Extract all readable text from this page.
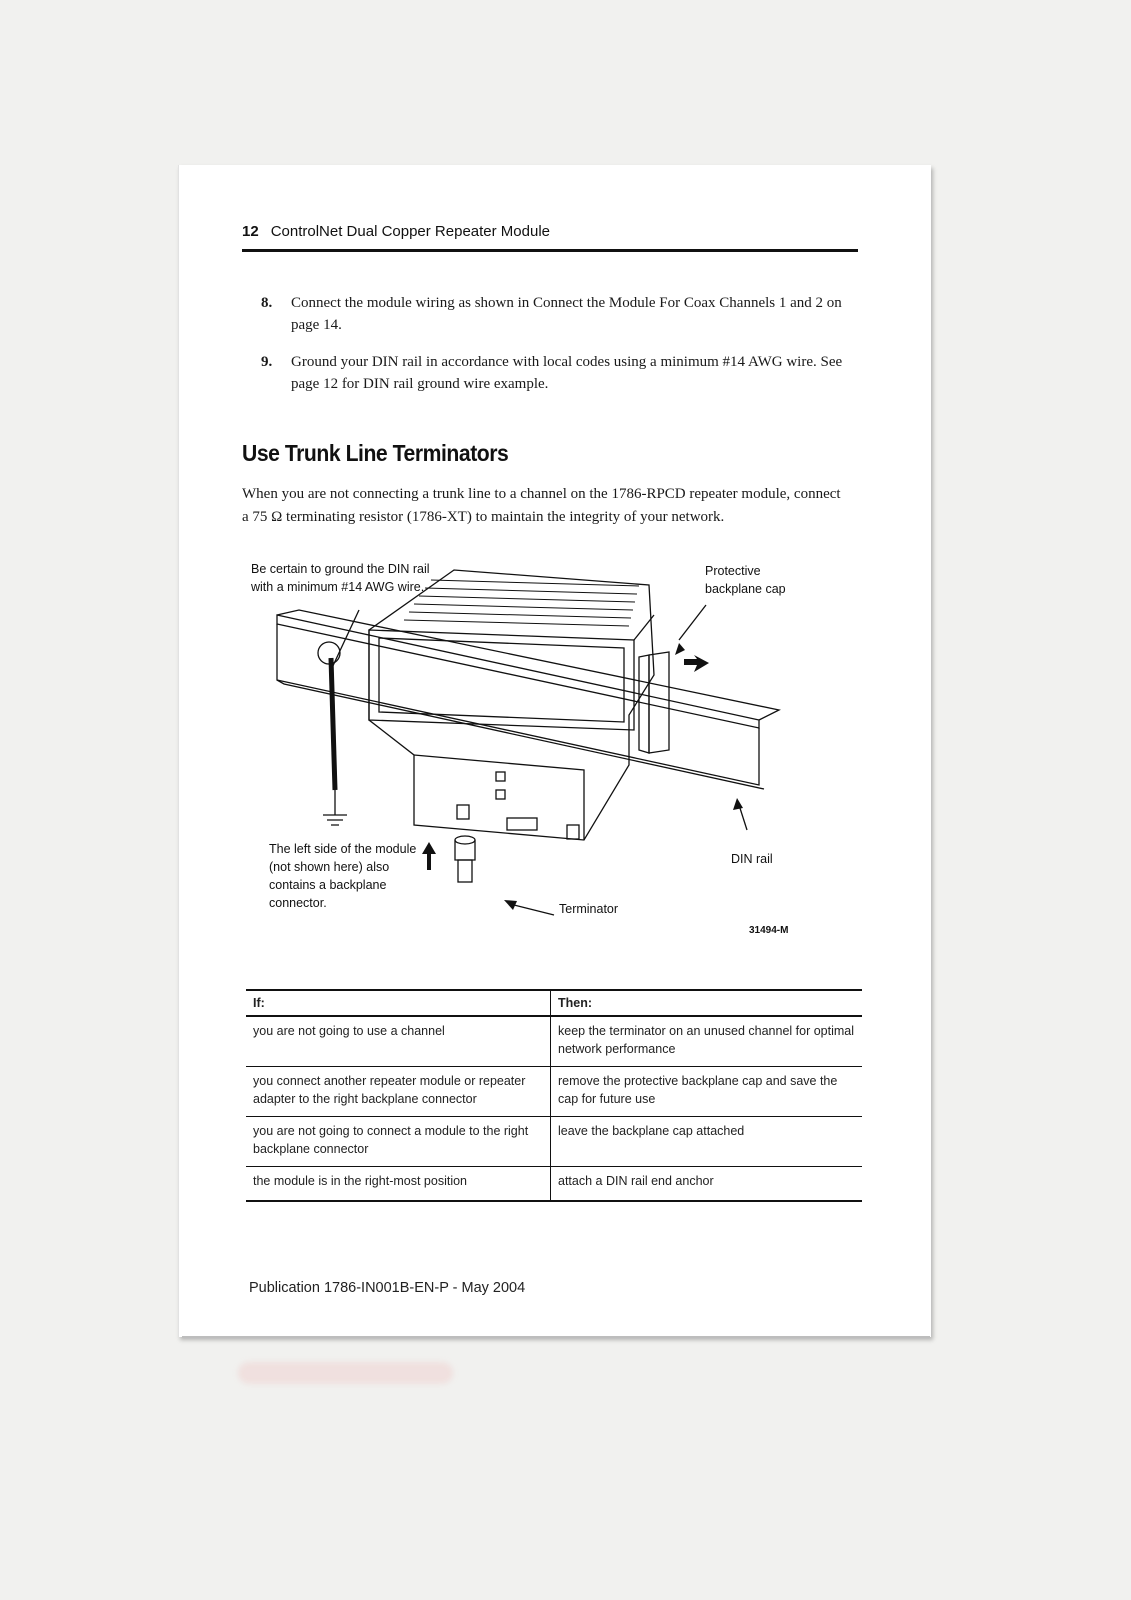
12 ControlNet Dual Copper Repeater Module
8.	Connect the module wiring as shown in Connect the Module For Coax Channels 1 and 2 on page 14.
9.	Ground your DIN rail in accordance with local codes using a minimum #14 AWG wire. See page 12 for DIN rail ground wire example.
Use Trunk Line Terminators
When you are not connecting a trunk line to a channel on the 1786-RPCD repeater module, connect a 75 Ω terminating resistor (1786-XT) to maintain the integrity of your network.
Be certain to ground the DIN rail
with a minimum #14 AWG wire.
Protective
backplane cap
The left side of the module
(not shown here) also
contains a backplane
connector.
DIN rail
Terminator
31494-M
If:	Then:
you are not going to use a channel	keep the terminator on an unused channel for optimal network performance
you connect another repeater module or repeater adapter to the right backplane connector	remove the protective backplane cap and save the cap for future use
you are not going to connect a module to the right backplane connector	leave the backplane cap attached
the module is in the right-most position	attach a DIN rail end anchor
Publication 1786-IN001B-EN-P - May 2004
